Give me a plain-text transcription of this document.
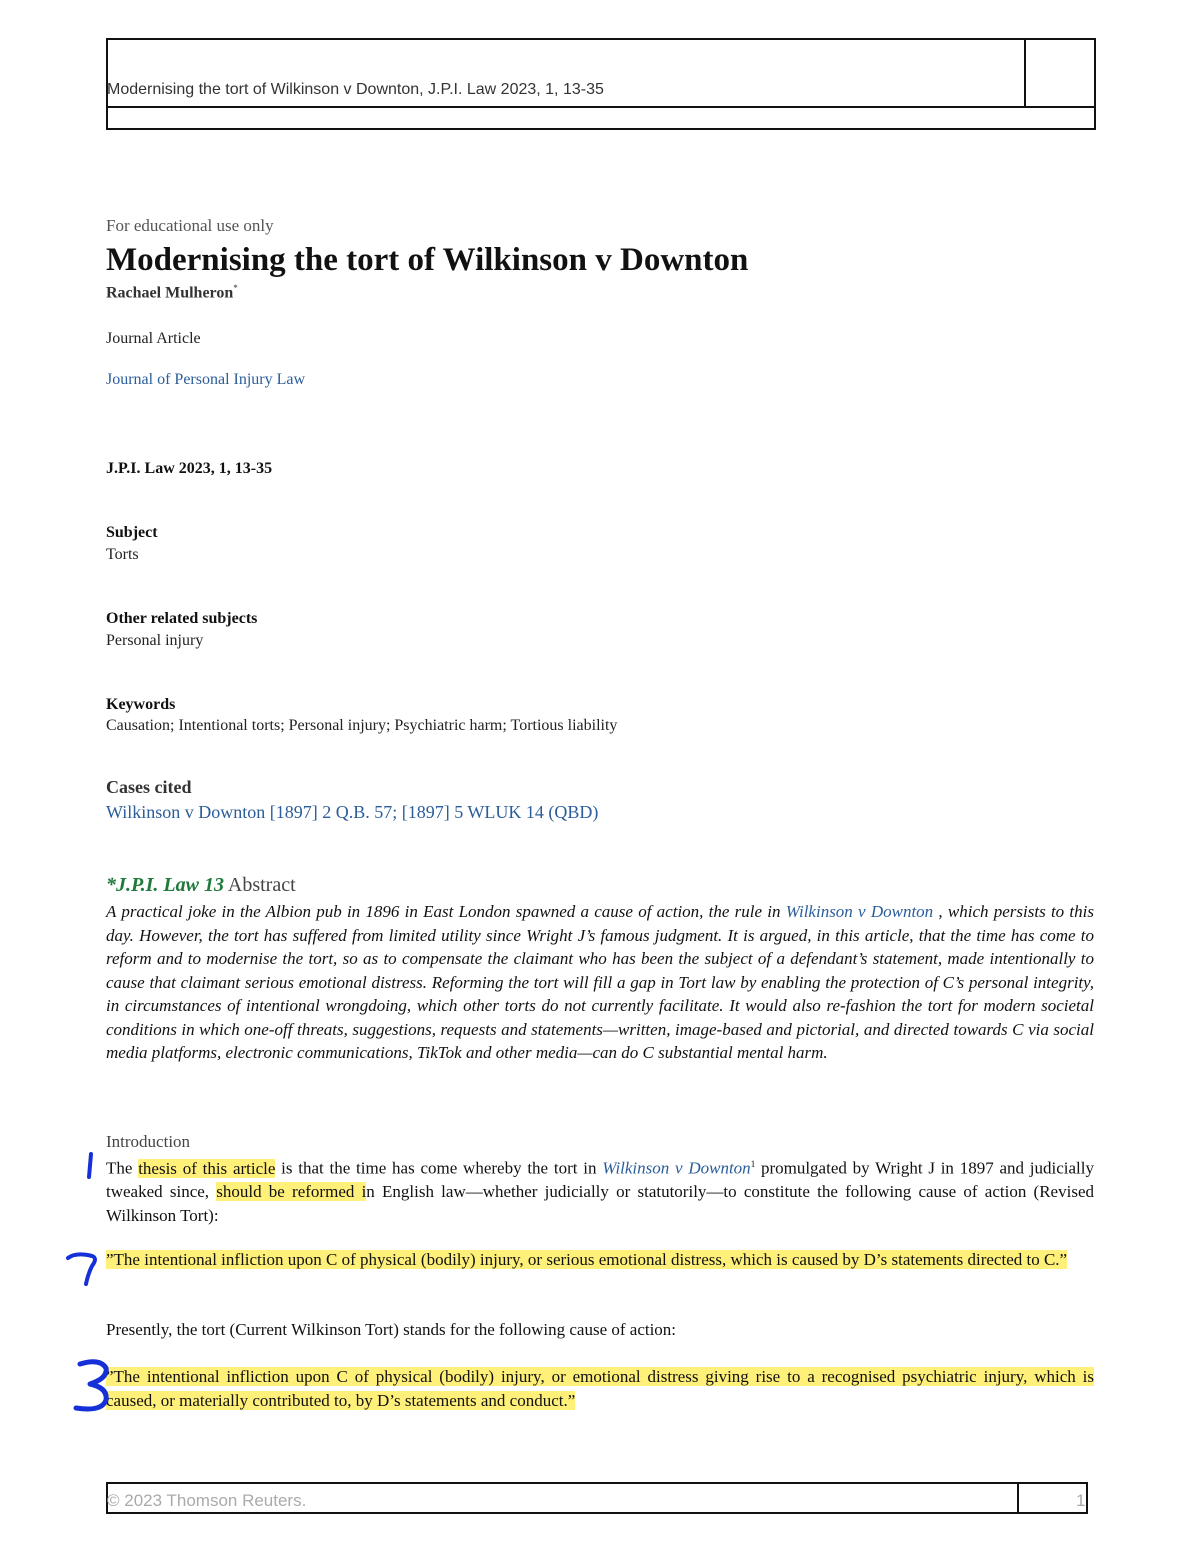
Modernising the tort of Wilkinson v Downton, J.P.I. Law 2023, 1, 13-35
For educational use only
Modernising the tort of Wilkinson v Downton
Rachael Mulheron*
Journal Article
Journal of Personal Injury Law
J.P.I. Law 2023, 1, 13-35
Subject
Torts
Other related subjects
Personal injury
Keywords
Causation; Intentional torts; Personal injury; Psychiatric harm; Tortious liability
Cases cited
Wilkinson v Downton [1897] 2 Q.B. 57; [1897] 5 WLUK 14 (QBD)
*J.P.I. Law 13 Abstract
A practical joke in the Albion pub in 1896 in East London spawned a cause of action, the rule in Wilkinson v Downton , which persists to this day. However, the tort has suffered from limited utility since Wright J’s famous judgment. It is argued, in this article, that the time has come to reform and to modernise the tort, so as to compensate the claimant who has been the subject of a defendant’s statement, made intentionally to cause that claimant serious emotional distress. Reforming the tort will fill a gap in Tort law by enabling the protection of C’s personal integrity, in circumstances of intentional wrongdoing, which other torts do not currently facilitate. It would also re-fashion the tort for modern societal conditions in which one-off threats, suggestions, requests and statements—written, image-based and pictorial, and directed towards C via social media platforms, electronic communications, TikTok and other media—can do C substantial mental harm.
Introduction
The thesis of this article is that the time has come whereby the tort in Wilkinson v Downton$^1$ promulgated by Wright J in 1897 and judicially tweaked since, should be reformed in English law—whether judicially or statutorily—to constitute the following cause of action (Revised Wilkinson Tort):
”The intentional infliction upon C of physical (bodily) injury, or serious emotional distress, which is caused by D’s statements directed to C.”
Presently, the tort (Current Wilkinson Tort) stands for the following cause of action:
”The intentional infliction upon C of physical (bodily) injury, or emotional distress giving rise to a recognised psychiatric injury, which is caused, or materially contributed to, by D’s statements and conduct.”
© 2023 Thomson Reuters.	1
